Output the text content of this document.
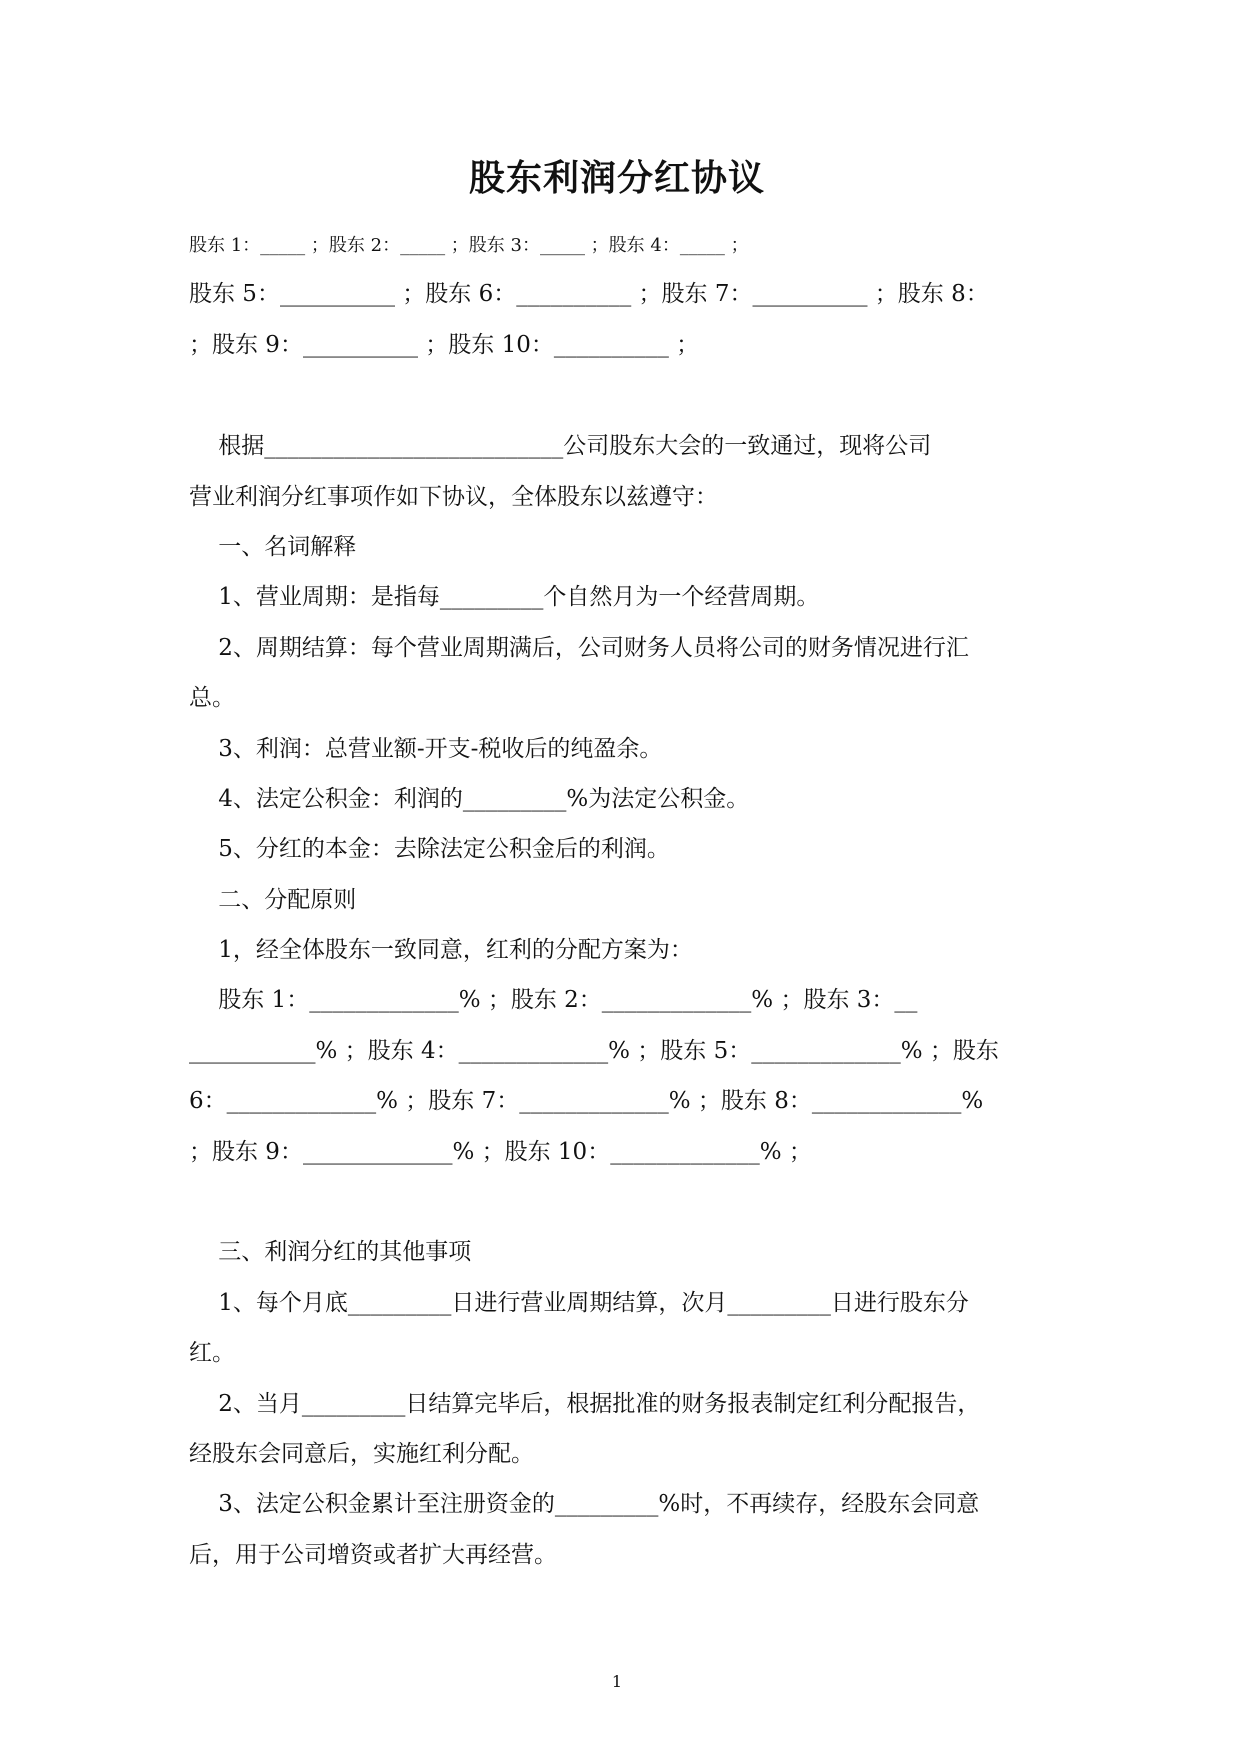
股东利润分红协议

股东 1：_____ ；股东 2：_____ ；股东 3：_____ ；股东 4：_____ ；

股东 5：__________ ；股东 6：__________ ；股东 7：__________ ；股东 8：

；股东 9：__________ ；股东 10：__________ ；

根据__________________________公司股东大会的一致通过，现将公司

营业利润分红事项作如下协议，全体股东以兹遵守：

一、名词解释

1、营业周期：是指每_________个自然月为一个经营周期。

2、周期结算：每个营业周期满后，公司财务人员将公司的财务情况进行汇

总。

3、利润：总营业额-开支-税收后的纯盈余。

4、法定公积金：利润的_________%为法定公积金。

5、分红的本金：去除法定公积金后的利润。

二、分配原则

1，经全体股东一致同意，红利的分配方案为：

股东 1：_____________% ；股东 2：_____________% ；股东 3：__

___________% ；股东 4：_____________% ；股东 5：_____________% ；股东

6：_____________% ；股东 7：_____________% ；股东 8：_____________%

；股东 9：_____________% ；股东 10：_____________% ；

三、利润分红的其他事项

1、每个月底_________日进行营业周期结算，次月_________日进行股东分

红。

2、当月_________日结算完毕后，根据批准的财务报表制定红利分配报告，

经股东会同意后，实施红利分配。

3、法定公积金累计至注册资金的_________%时，不再续存，经股东会同意

后，用于公司增资或者扩大再经营。

1
